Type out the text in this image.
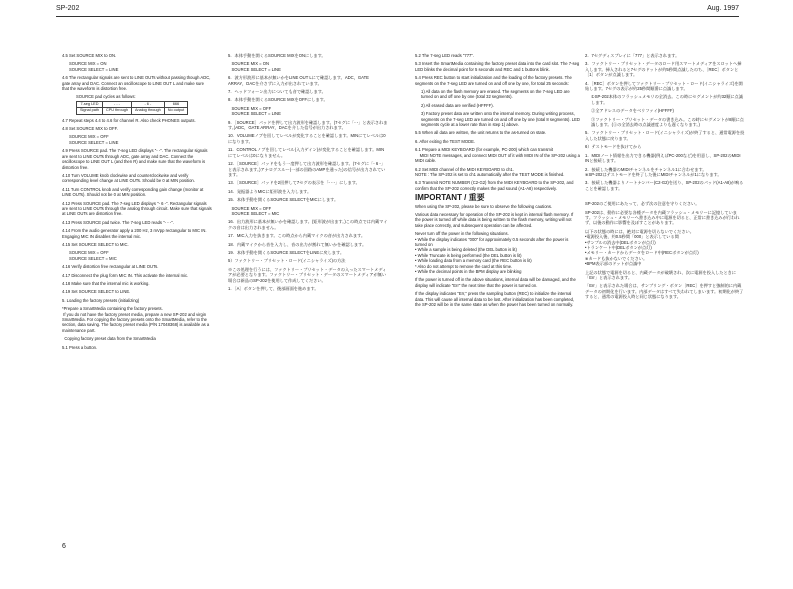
SP-202	Aug. 1997

4.5 Set SOURCE MIX to ON.

SOURCE MIX = ON
SOURCE SELECT = LINE

4.6 The rectangular signals are sent to LINE OUTs without passing though ADC, gate array and DAC. Connect an oscilloscope to LINE OUT L and make sure that the waveform is distortion free.

SOURCE pad cycles as follows:

7-seg LED	- - -	- 6 -	666
Signal path	CPU through	Analog through	No output

4.7 Repeat steps 4.4 to 4.6 for channel R. Also check PHONES outputs.

4.8 Set SOURCE MIX to OFF.

SOURCE MIX = OFF
SOURCE SELECT = LINE

4.9 Press SOURCE pad. The 7-seg LED displays "- -". The rectangular signals are sent to LINE OUTs through ADC, gate array and DAC. Connect the oscilloscope to LINE OUT L (and then R) and make sure that the waveform is distortion free.

4.10 Turn VOLUME knob clockwise and counterclockwise and verify corresponding level change at LINE OUTs. Should be 0 at MIN position.

4.11 Turn CONTROL knob and verify corresponding gain change (monitor at LINE OUTs). Should not be 0 at MIN position.

4.12 Press SOURCE pad. The 7-seg LED displays "- 6 -". Rectangular signals are sent to LINE OUTs through the analog through circuit. Make sure that signals at LINE OUTs are distortion free.

4.13 Press SOURCE pad twice. The 7-seg LED reads "- - -".

4.14 From the audio generator apply a 200 Hz, 3 mVpp rectangular to MIC IN. Engaging MIC IN disables the internal mic.

4.15 Set SOURCE SELECT to MIC.

SOURCE MIX = OFF
SOURCE SELECT = MIC

4.16 Verify distortion free rectangular at LINE OUTs.

4.17 Disconnect the plug form MIC IN. This activate the internal mic.

4.18 Make sure that the internal mic is working.

4.19 Set SOURCE SELECT to LINE.

5. Loading the factory presets (initializing)

*Prepare a SmartMedia containing the factory presets.
If you do not have the factory preset media, prepare a new SP-202 and virgin SmartMedia. For copying the factory presets onto the SmartMedia, refer to the section, data saving. The factory preset media (P/N 17048368) is available as a maintenance part.

Copying factory preset data from the SmartMedia

5.1 Press a button.

5．本体手動を開くるSOURCE MIXをONにします。

SOURCE MIX = ON
SOURCE SELECT = LINE

6．波方形波形に基本が無いかをLINE OUT Lにて確認します。ADC，GATE ARRAY，DACを介さずに入力が出されています。

7．ヘッドフォーン出力についても音で確認します。

8．本体手動を開くるSOURCE MIXをOFFにします。

SOURCE MIX = OFF
SOURCE SELECT = LINE

9．［SOURCE］パッドを押して出力波形を確認します。(7セグに「- -」と表示されます。)ADC，GATE ARRAY，DACを介した信号が出力されます。

10．VOLUMEノブを回してレベルが変化することを確認します。MINにてレベルは0になります。

11．CONTROLノブを回してレベル(入力ゲイン)が変化することを確認します。MINにてレベルは0になりません。

12．［SOURCE］パッドをもう一度押して出力波形を確認します。(7セグに「- 6 -」と表示されます。)アナログスルー(一部の回路のAMPを通った)の信号が出力されています。

13．［SOURCE］パッドを2回押して7セグの表示を「- - -」にします。

14．発振器よりMICに矩形波を入力します。

15．本体手動を開くるSOURCE SELECTをMICにします。

SOURCE MIX = OFF
SOURCE SELECT = MIC

16．出力波形に基本が無いかを確認します。(矩形波が出ます。)この時点では内蔵マイクの音は出力されません。

17．MIC入力を抜きます。この時点から内蔵マイクの音が出力されます。

18．内蔵マイクから音を入力し、音の出力が割れて無いかを確認します。

19．本体手動を開くるSOURCE SELECTをLINEに戻します。

5）ファクトリー・プリセット・ロード(イニシャライズ)の方法

※この処理を行うには、ファクトリー・プリセット・データの入ったスマートメディアが必要となります。ファクトリー・プリセット・データのスマートメディアが無い場合は新品のSP-202を使用して作成してください。

1．［A］ボタンを押して、後部画面を進めます。

5.2 The 7-seg LED reads "777".

5.3 Insert the SmartMedia containing the factory preset data into the card slot. The 7-seg LED blinks the decimal point for 5 seconds and REC and 1 buttons blink.

5.4 Press REC button to start initialization and the loading of the factory presets. The segments on the 7-seg LED are turned on and off one by one, for total 25 seconds:

1) All data on the flash memory are erased. The segments on the 7-seg LED are turned on and off one by one (total 32 segments).

2) All erased data are verified (HFFFF).

3) Factory preset data are written onto the internal memory. During writing process, segments on the 7-seg LED are turned on and off one by one (total 8 segments). LED segments cycle at a lower rate than in step 1) above.

5.5 When all data are written, the unit returns to the as-turned on state.

6. After exiting the TEST MODE.

6.1 Prepare a MIDI KEYBOARD (for example, PC-200) which can transmit
MIDI NOTE messages, and connect MIDI OUT of it with MIDI IN of the SP-202 using a MIDI cable.

6.2 Set MIDI channel of the MIDI KEYBOARD to ch1.
NOTE : The SP-202 is set to ch1 automatically after the TEST MODE is finished.

6.3 Transmit NOTE NUMBER (C2-G2) from the MIDI KEYBOARD to the SP-202, and confirm that the SP-202 correctly makes the pad sound (A1-A8) respectively.

IMPORTANT / 重要

When using the SP-202, please be sure to observe the following cautions.

Various data necessary for operation of the SP-202 is kept in internal flash memory. If the power is turned off while data is being written to the flash memory, writing will not take place correctly, and subsequent operation can be affected.

Never turn off the power in the following situations.
• While the display indicates "000" for approximately 0.5 seconds after the power is turned on
• While a sample is being deleted (the DEL button is lit)
• While Truncate is being performed (the DEL button is lit)
• While loading data from a memory card (the REC button is lit)
* Also do not attempt to remove the card at this time.
• While the decimal points in the BPM display are blinking

If the power is turned off in the above situations, internal data will be damaged, and the display will indicate "Err" the next time that the power is turned on.

If the display indicates "Err," press the sampling button (REC) to initialize the internal data. This will cause all internal data to be lost. After initialization has been completed, the SP-202 will be in the same state as when the power has been turned on normally.

2．7セグディスプレイに「777」と表示されます。

3．ファクトリー・プリセット・データのロード用スマートメディアをスロットへ挿入します。挿入されると7セグのドットが約5秒間点滅したのち、［REC］ボタンと［1］ボタンが点滅します。

4．［REC］ボタンを押してファクトリー・プリセット・ロード(イニシャライズ)を開始します。7セグの表示が約25秒間順番に点滅します。

①SP-202本体のフラッシュメモリの全消去。この時にセグメントが約32順に点滅します。

②全アドレスのデータをベリファイ(HFFFF)

③ファクトリー・プリセット・データの書き込み。この時にセグメントが8順に点滅します。(①の全消去時の点滅速度よりも遅くなります。)

5．ファクトリー・プリセット・ロード(イニシャライズ)が終了すると、通常電源を投入した状態に戻ります。

6）テストモードを抜けてから

1．MIDIノート情報を出力できる機器(例えばPC-200など)を用意し、SP-202のMIDI INと接続します。

2．接続した機器のMIDIチャンネルをチャンネル1に合わせます。
※SP-202はテストモードを終了した後にMIDIチャンネルが1になります。

3．接続した機器よりノートナンバー(C2-G2)を送り、SP-202のパッド(A1-A8)が鳴ることを確認します。

SP-202のご使用にあたって、必ず次の注意を守りください。

SP-202は、動作に必要な各種データを内蔵フラッシュ・メモリーに記憶しています。フラッシュ・メモリーへ書き込み中に電源を切ると、正常に書き込みが行われず、以後の動作に影響を及ぼすことがあります。

以下の状態の時には、絶対に電源を切らないでください。
•電源投入後、約0.5秒間「000」と表示している間
•サンプルの消去中(DELボタンが点灯)
•トランケート中(DELボタンが点灯)
•メモリー・カードからデータをロード中(RECボタンが点灯)
※カードも抜かないでください。
•BPM表示部のドットが点滅中

上記の状態で電源を切ると、内蔵データが破壊され、次に電源を投入したときに「Err」と表示されます。

「Err」と表示された場合は、サンプリング・ボタン［REC］を押すと強制的に内蔵データの初期化を行います。内部データはすべて失われてしまいます。初期化が終了すると、通常の電源投入時と同じ状態になります。

6
